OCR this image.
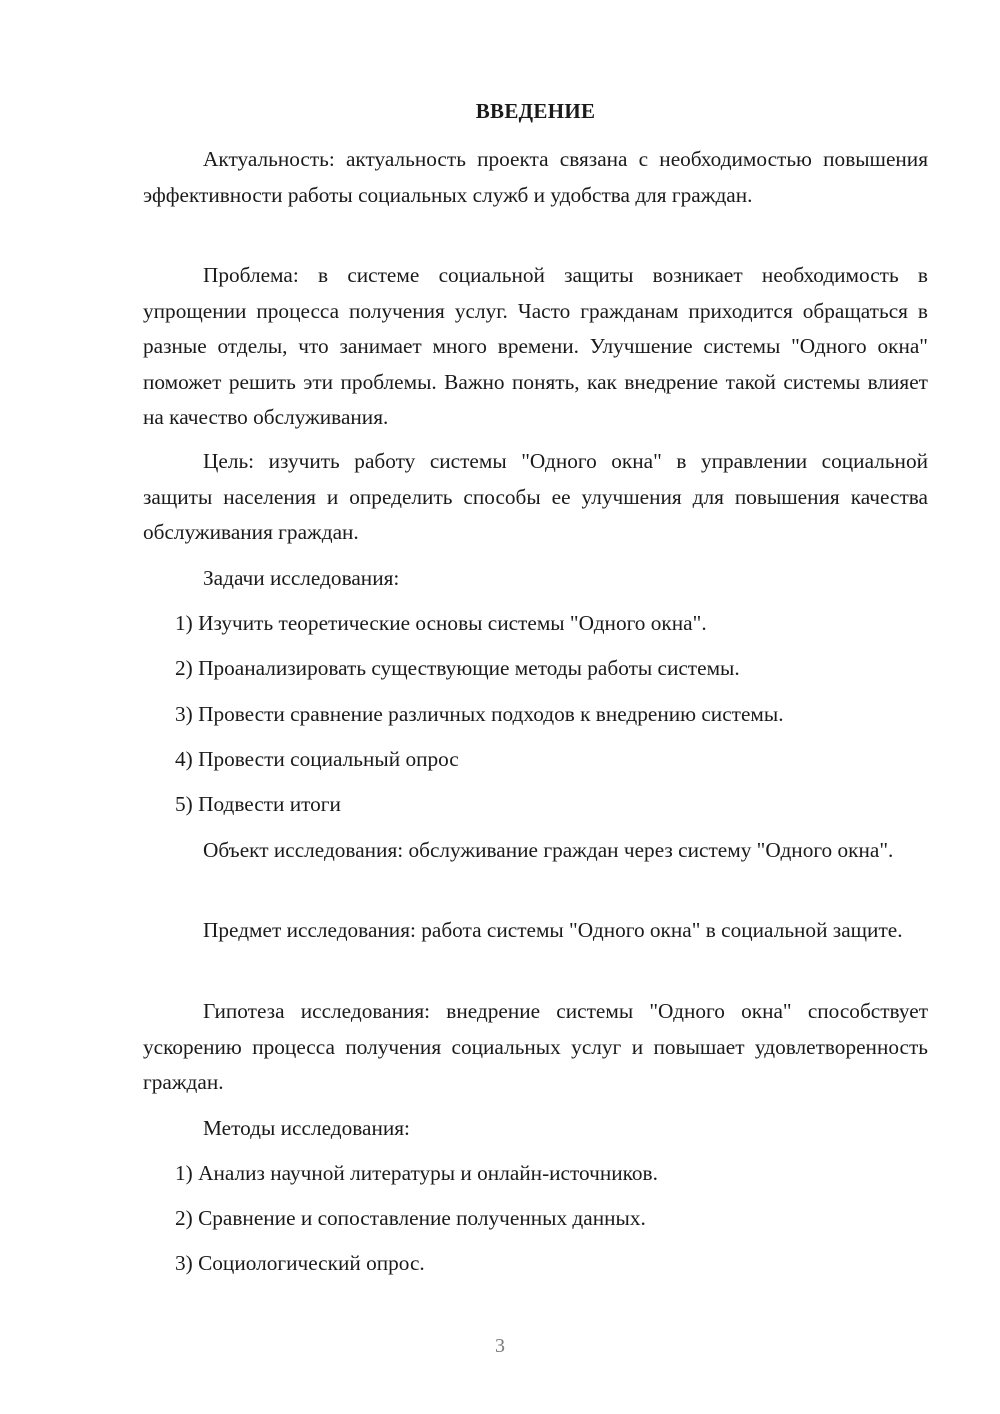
ВВЕДЕНИЕ

Актуальность: актуальность проекта связана с необходимостью повышения эффективности работы социальных служб и удобства для граждан.

Проблема: в системе социальной защиты возникает необходимость в упрощении процесса получения услуг. Часто гражданам приходится обращаться в разные отделы, что занимает много времени. Улучшение системы "Одного окна" поможет решить эти проблемы. Важно понять, как внедрение такой системы влияет на качество обслуживания.

Цель: изучить работу системы "Одного окна" в управлении социальной защиты населения и определить способы ее улучшения для повышения качества обслуживания граждан.

Задачи исследования:

1) Изучить теоретические основы системы "Одного окна".

2) Проанализировать существующие методы работы системы.

3) Провести сравнение различных подходов к внедрению системы.

4) Провести социальный опрос

5) Подвести итоги

Объект исследования: обслуживание граждан через систему "Одного окна".

Предмет исследования: работа системы "Одного окна" в социальной защите.

Гипотеза исследования: внедрение системы "Одного окна" способствует ускорению процесса получения социальных услуг и повышает удовлетворенность граждан.

Методы исследования:

1) Анализ научной литературы и онлайн-источников.

2) Сравнение и сопоставление полученных данных.

3) Социологический опрос.

3
